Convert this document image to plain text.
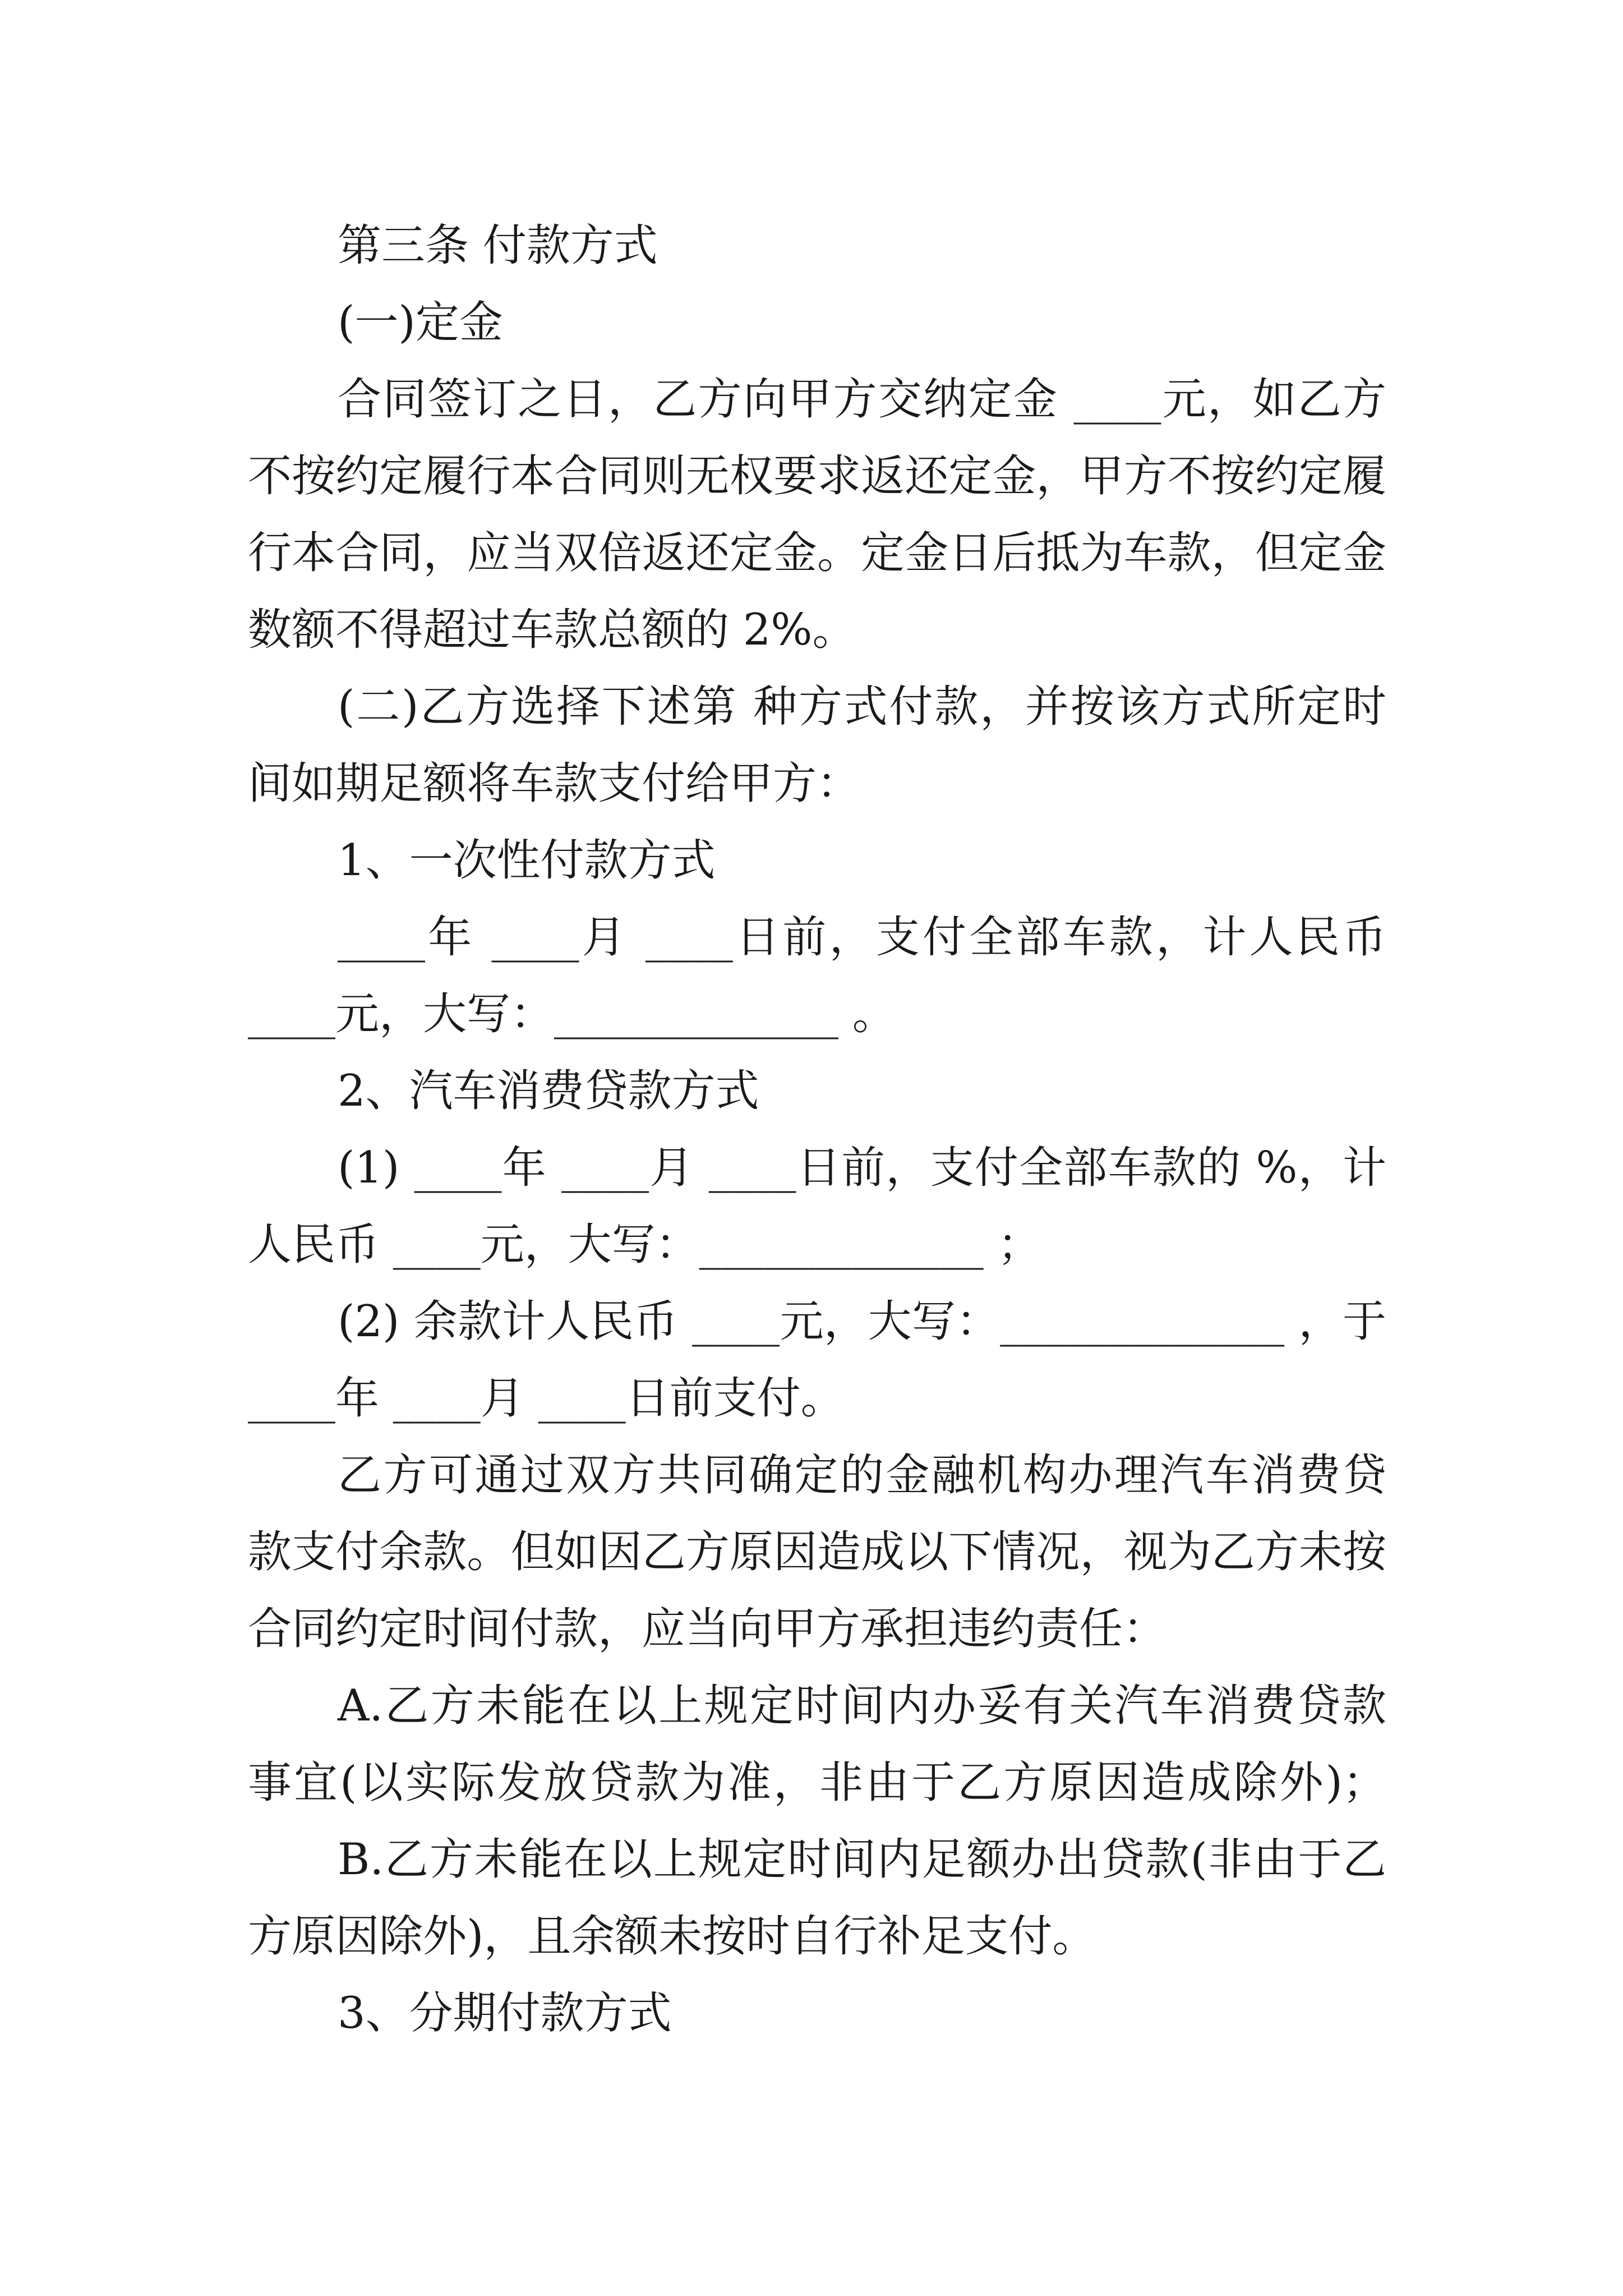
第三条 付款方式
(一)定金
合同签订之日，乙方向甲方交纳定金 ____元，如乙方
不按约定履行本合同则无权要求返还定金，甲方不按约定履
行本合同，应当双倍返还定金。定金日后抵为车款，但定金
数额不得超过车款总额的 2%。
(二)乙方选择下述第 种方式付款，并按该方式所定时
间如期足额将车款支付给甲方：
1、一次性付款方式
____年 ____月 ____日前，支付全部车款，计人民币
____元，大写：_____________ 。
2、汽车消费贷款方式
(1) ____年 ____月 ____日前，支付全部车款的 %，计
人民币 ____元，大写：_____________ ；
(2) 余款计人民币 ____元，大写：_____________ ，于
____年 ____月 ____日前支付。
乙方可通过双方共同确定的金融机构办理汽车消费贷
款支付余款。但如因乙方原因造成以下情况，视为乙方未按
合同约定时间付款，应当向甲方承担违约责任：
A.乙方未能在以上规定时间内办妥有关汽车消费贷款
事宜(以实际发放贷款为准，非由于乙方原因造成除外)；
B.乙方未能在以上规定时间内足额办出贷款(非由于乙
方原因除外)，且余额未按时自行补足支付。
3、分期付款方式
